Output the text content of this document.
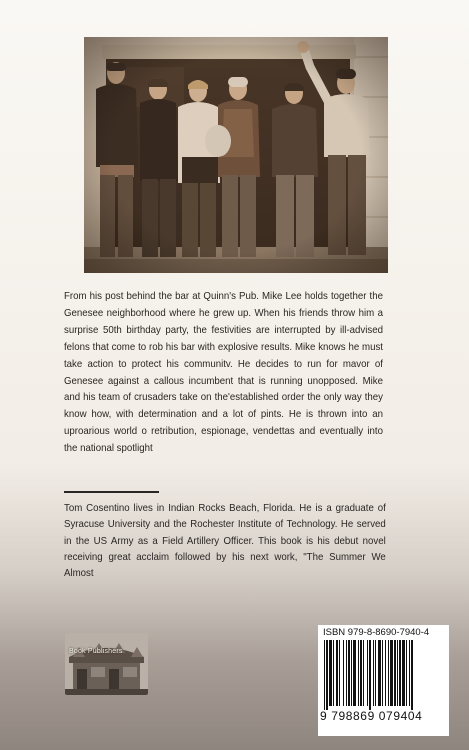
From his post behind the bar at Quinn's Pub. Mike Lee holds together the Genesee neighborhood where he grew up. When his friends throw him a surprise 50th birthday party, the festivities are interrupted by ill-advised felons that come to rob his bar with explosive results. Mike knows he must take action to protect his communitv. He decides to run for mavor of Genesee against a callous incumbent that is running unopposed. Mike and his team of crusaders take on the'established order the only way they know how, with determination and a lot of pints. He is thrown into an uproarious world o retribution, espionage, vendettas and eventually into the national spotlight

Tom Cosentino lives in Indian Rocks Beach, Florida. He is a graduate of Syracuse University and the Rochester Institute of Technology. He served in the US Army as a Field Artillery Officer. This book is his debut novel receiving great acclaim followed by his next work, "The Summer We Almost

Book Publishers
ISBN 979-8-8690-7940-4
9 798869 079404
